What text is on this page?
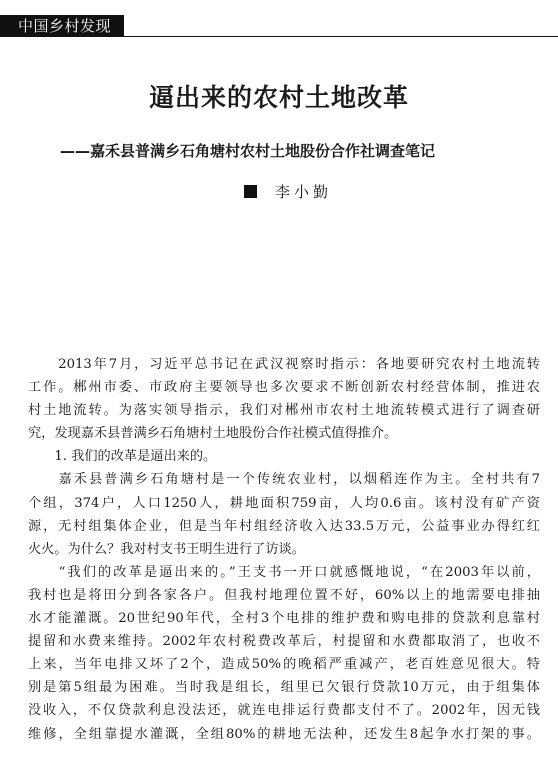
中国乡村发现
逼出来的农村土地改革
——嘉禾县普满乡石角塘村农村土地股份合作社调查笔记
李小勤
　　2013年7月，习近平总书记在武汉视察时指示：各地要研究农村土地流转
工作。郴州市委、市政府主要领导也多次要求不断创新农村经营体制，推进农
村土地流转。为落实领导指示，我们对郴州市农村土地流转模式进行了调查研
究，发现嘉禾县普满乡石角塘村土地股份合作社模式值得推介。
　　1. 我们的改革是逼出来的。
　　嘉禾县普满乡石角塘村是一个传统农业村，以烟稻连作为主。全村共有7
个组，374户，人口1250人，耕地面积759亩，人均0.6亩。该村没有矿产资
源，无村组集体企业，但是当年村组经济收入达33.5万元，公益事业办得红红
火火。为什么？我对村支书王明生进行了访谈。
　　“我们的改革是逼出来的。”王支书一开口就感慨地说，“在2003年以前，
我村也是将田分到各家各户。但我村地理位置不好，60%以上的地需要电排抽
水才能灌溉。20世纪90年代，全村3个电排的维护费和购电排的贷款利息靠村
提留和水费来维持。2002年农村税费改革后，村提留和水费都取消了，也收不
上来，当年电排又坏了2个，造成50%的晚稻严重减产，老百姓意见很大。特
别是第5组最为困难。当时我是组长，组里已欠银行贷款10万元，由于组集体
没收入，不仅贷款利息没法还，就连电排运行费都支付不了。2002年，因无钱
维修，全组靠提水灌溉，全组80%的耕地无法种，还发生8起争水打架的事。
